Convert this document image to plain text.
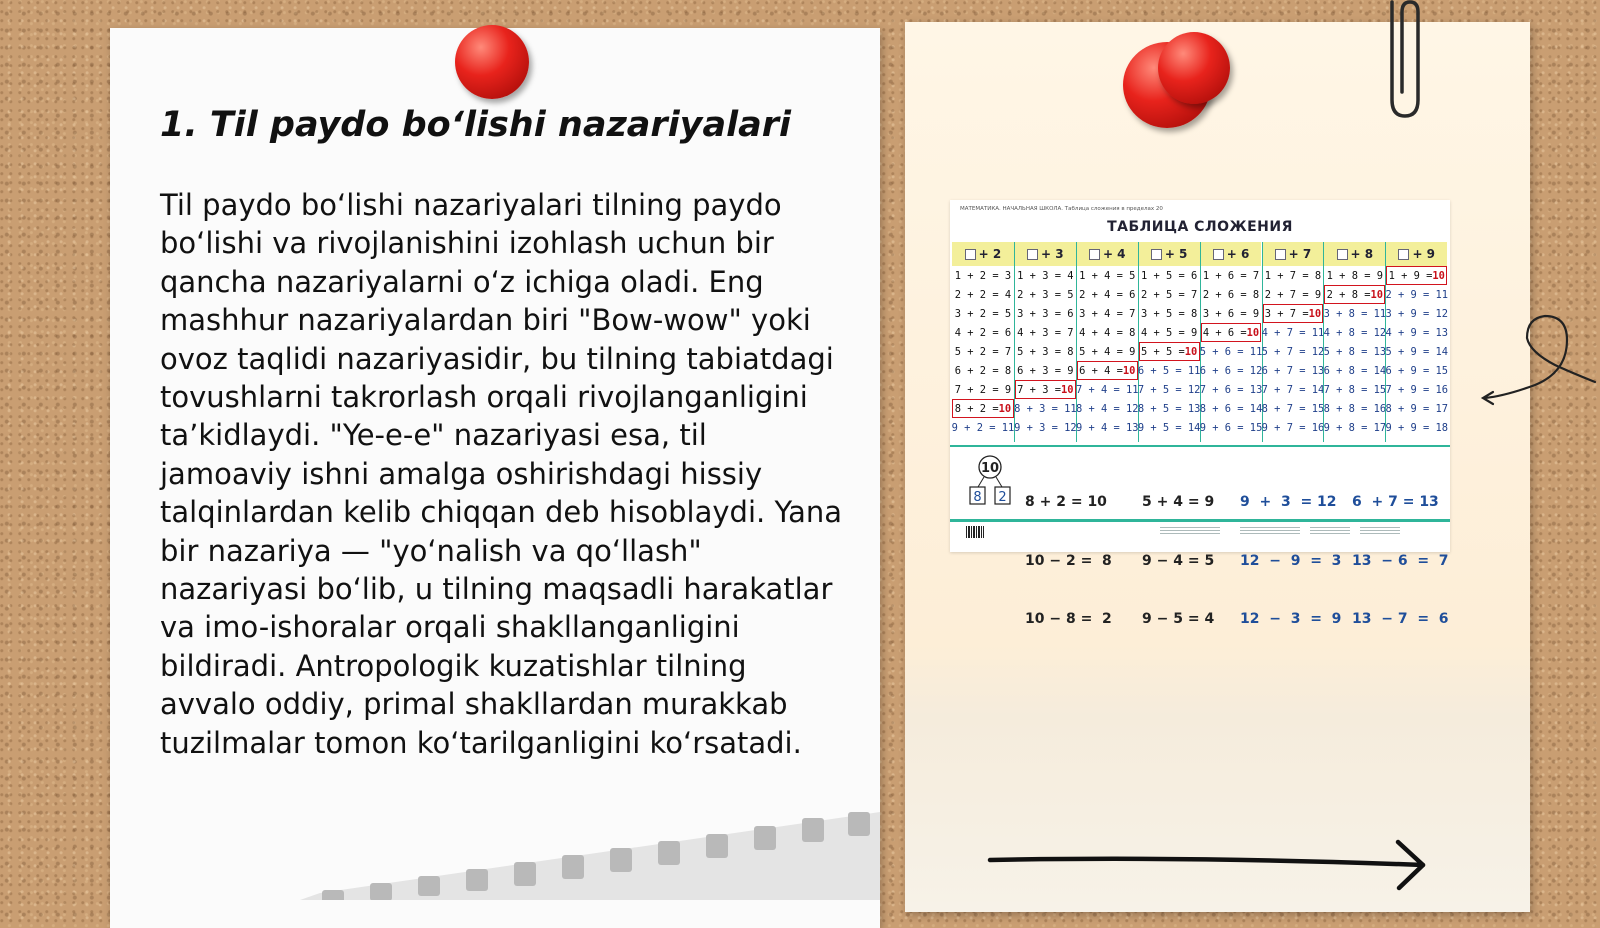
1. Til paydo bo‘lishi nazariyalari

Til paydo bo‘lishi nazariyalari tilning paydo bo‘lishi va rivojlanishini izohlash uchun bir qancha nazariyalarni o‘z ichiga oladi. Eng mashhur nazariyalardan biri "Bow-wow" yoki ovoz taqlidi nazariyasidir, bu tilning tabiatdagi tovushlarni takrorlash orqali rivojlanganligini ta’kidlaydi. "Ye-e-e" nazariyasi esa, til jamoaviy ishni amalga oshirishdagi hissiy talqinlardan kelib chiqqan deb hisoblaydi. Yana bir nazariya — "yo‘nalish va qo‘llash" nazariyasi bo‘lib, u tilning maqsadli harakatlar va imo-ishoralar orqali shakllanganligini bildiradi. Antropologik kuzatishlar tilning avvalo oddiy, primal shakllardan murakkab tuzilmalar tomon ko‘tarilganligini ko‘rsatadi.

МАТЕМАТИКА. НАЧАЛЬНАЯ ШКОЛА. Таблица сложения в пределах 20
ТАБЛИЦА СЛОЖЕНИЯ
+ 2
1 + 2 = 3
2 + 2 = 4
3 + 2 = 5
4 + 2 = 6
5 + 2 = 7
6 + 2 = 8
7 + 2 = 9
8 + 2 = 10
9 + 2 = 11
+ 3
1 + 3 = 4
2 + 3 = 5
3 + 3 = 6
4 + 3 = 7
5 + 3 = 8
6 + 3 = 9
7 + 3 = 10
8 + 3 = 11
9 + 3 = 12
+ 4
1 + 4 = 5
2 + 4 = 6
3 + 4 = 7
4 + 4 = 8
5 + 4 = 9
6 + 4 = 10
7 + 4 = 11
8 + 4 = 12
9 + 4 = 13
+ 5
1 + 5 = 6
2 + 5 = 7
3 + 5 = 8
4 + 5 = 9
5 + 5 = 10
6 + 5 = 11
7 + 5 = 12
8 + 5 = 13
9 + 5 = 14
+ 6
1 + 6 = 7
2 + 6 = 8
3 + 6 = 9
4 + 6 = 10
5 + 6 = 11
6 + 6 = 12
7 + 6 = 13
8 + 6 = 14
9 + 6 = 15
+ 7
1 + 7 = 8
2 + 7 = 9
3 + 7 = 10
4 + 7 = 11
5 + 7 = 12
6 + 7 = 13
7 + 7 = 14
8 + 7 = 15
9 + 7 = 16
+ 8
1 + 8 = 9
2 + 8 = 10
3 + 8 = 11
4 + 8 = 12
5 + 8 = 13
6 + 8 = 14
7 + 8 = 15
8 + 8 = 16
9 + 8 = 17
+ 9
1 + 9 = 10
2 + 9 = 11
3 + 9 = 12
4 + 9 = 13
5 + 9 = 14
6 + 9 = 15
7 + 9 = 16
8 + 9 = 17
9 + 9 = 18
10
8 2

8 + 2 = 10

10 − 2 =  8

10 − 8 =  2

5 + 4 = 9

9 − 4 = 5

9 − 5 = 4

9  +  3  = 12

12  −  9  =  3

12  −  3  =  9

6  + 7 = 13

13  − 6  =  7

13  − 7  =  6
